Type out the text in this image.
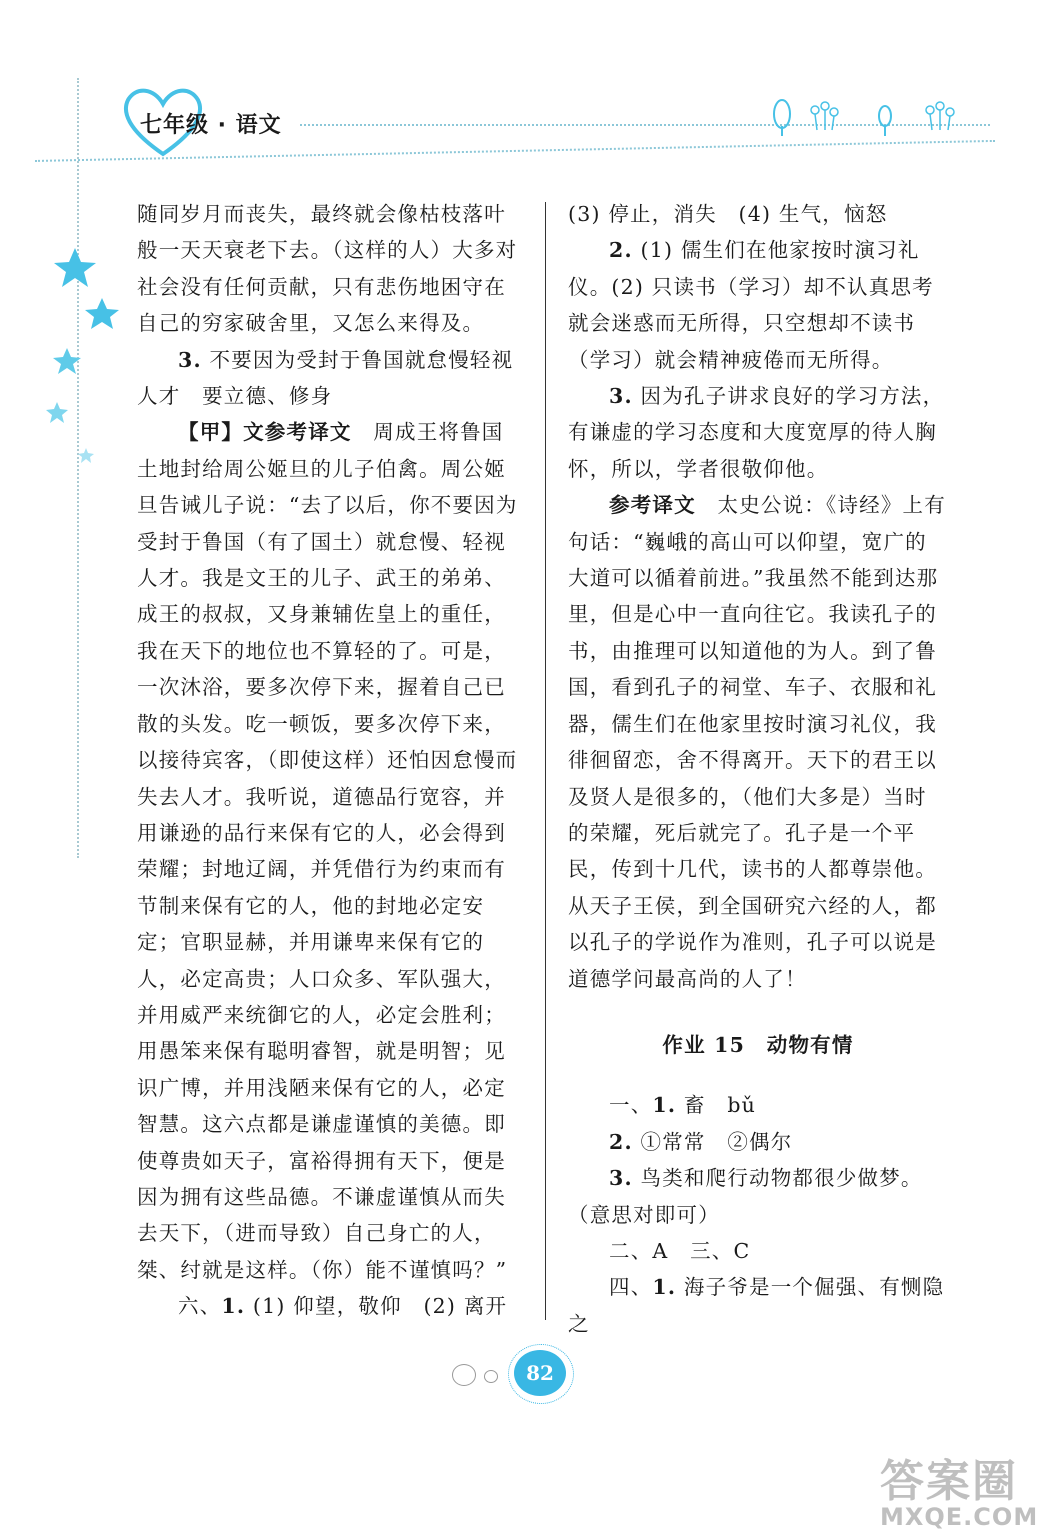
七年级 · 语文

随同岁月而丧失，最终就会像枯枝落叶般一天天衰老下去。（这样的人）大多对社会没有任何贡献，只有悲伤地困守在自己的穷家破舍里，又怎么来得及。

3. 不要因为受封于鲁国就怠慢轻视人才　要立德、修身

【甲】文参考译文　周成王将鲁国土地封给周公姬旦的儿子伯禽。周公姬旦告诫儿子说：“去了以后，你不要因为受封于鲁国（有了国土）就怠慢、轻视人才。我是文王的儿子、武王的弟弟、成王的叔叔，又身兼辅佐皇上的重任，我在天下的地位也不算轻的了。可是，一次沐浴，要多次停下来，握着自己已散的头发。吃一顿饭，要多次停下来，以接待宾客，（即使这样）还怕因怠慢而失去人才。我听说，道德品行宽容，并用谦逊的品行来保有它的人，必会得到荣耀；封地辽阔，并凭借行为约束而有节制来保有它的人，他的封地必定安定；官职显赫，并用谦卑来保有它的人，必定高贵；人口众多、军队强大，并用威严来统御它的人，必定会胜利；用愚笨来保有聪明睿智，就是明智；见识广博，并用浅陋来保有它的人，必定智慧。这六点都是谦虚谨慎的美德。即使尊贵如天子，富裕得拥有天下，便是因为拥有这些品德。不谦虚谨慎从而失去天下，（进而导致）自己身亡的人，桀、纣就是这样。（你）能不谨慎吗？”

六、1. (1) 仰望，敬仰　(2) 离开

(3) 停止，消失　(4) 生气，恼怒

2. (1) 儒生们在他家按时演习礼仪。(2) 只读书（学习）却不认真思考就会迷惑而无所得，只空想却不读书（学习）就会精神疲倦而无所得。

3. 因为孔子讲求良好的学习方法，有谦虚的学习态度和大度宽厚的待人胸怀，所以，学者很敬仰他。

参考译文　太史公说：《诗经》上有句话：“巍峨的高山可以仰望，宽广的大道可以循着前进。”我虽然不能到达那里，但是心中一直向往它。我读孔子的书，由推理可以知道他的为人。到了鲁国，看到孔子的祠堂、车子、衣服和礼器，儒生们在他家里按时演习礼仪，我徘徊留恋，舍不得离开。天下的君王以及贤人是很多的，（他们大多是）当时的荣耀，死后就完了。孔子是一个平民，传到十几代，读书的人都尊崇他。从天子王侯，到全国研究六经的人，都以孔子的学说作为准则，孔子可以说是道德学问最高尚的人了！

作业 15　动物有情

一、1. 畜　bǔ

2. ①常常　②偶尔

3. 鸟类和爬行动物都很少做梦。（意思对即可）

二、A　三、C

四、1. 海子爷是一个倔强、有恻隐之

82
答案圈
MXQE.COM
